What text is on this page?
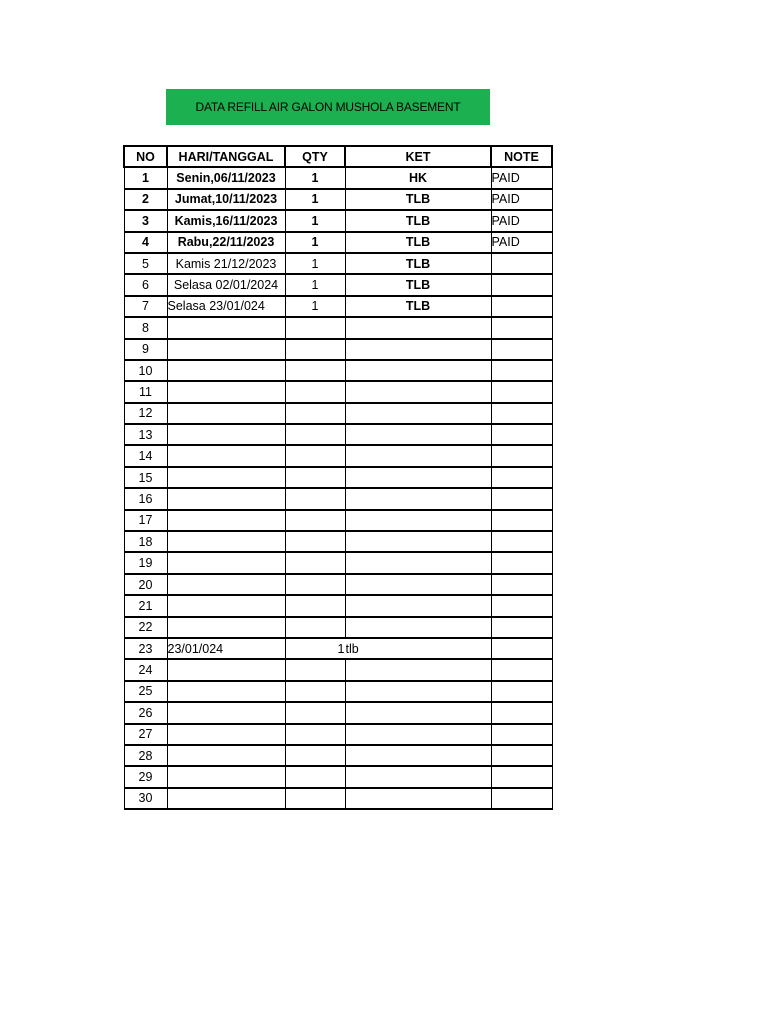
DATA REFILL AIR GALON MUSHOLA BASEMENT
NO	HARI/TANGGAL	QTY	KET	NOTE
1	Senin,06/11/2023	1	HK	PAID
2	Jumat,10/11/2023	1	TLB	PAID
3	Kamis,16/11/2023	1	TLB	PAID
4	Rabu,22/11/2023	1	TLB	PAID
5	Kamis 21/12/2023	1	TLB	
6	Selasa 02/01/2024	1	TLB	
7	Selasa 23/01/024	1	TLB	
8				
9				
10				
11				
12				
13				
14				
15				
16				
17				
18				
19				
20				
21				
22				
23	23/01/024	1	tlb	
24				
25				
26				
27				
28				
29				
30				
